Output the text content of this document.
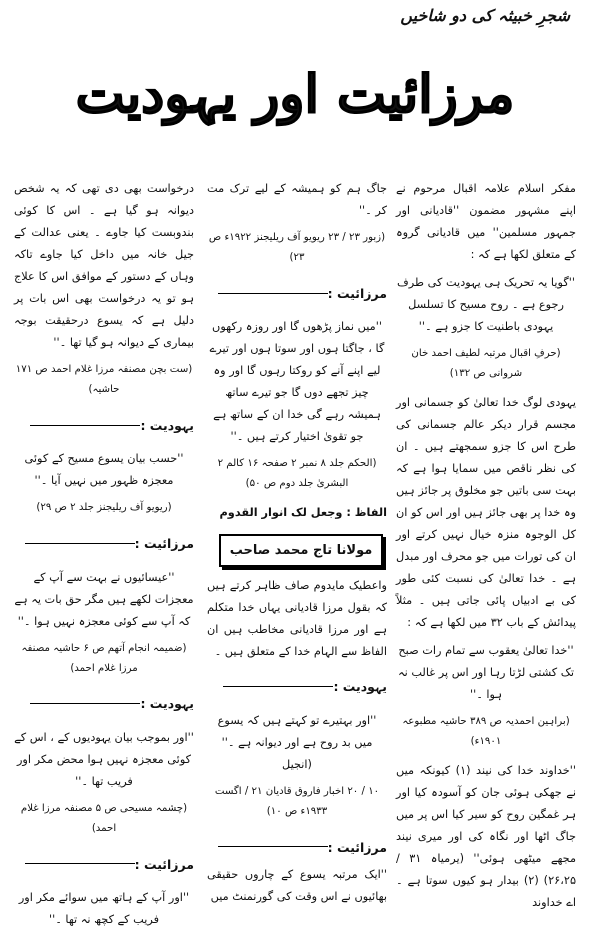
شجرِ خبیثہ کی دو شاخیں
مرزائیت اور یہودیت

مفکر اسلام علامہ اقبال مرحوم نے اپنے مشہور مضمون ''قادیانی اور جمہور مسلمین'' میں قادیانی گروہ کے متعلق لکھا ہے کہ :

''گویا یہ تحریک ہی یہودیت کی طرف رجوع ہے ۔ روح مسیح کا تسلسل یہودی باطنیت کا جزو ہے ۔''
(حرفِ اقبال مرتبہ لطیف احمد خان شروانی ص ۱۳۲)

یہودی لوگ خدا تعالیٰ کو جسمانی اور مجسم قرار دیکر عالم جسمانی کی طرح اس کا جزو سمجھتے ہیں ۔ ان کی نظر ناقص میں سمایا ہوا ہے کہ بہت سی باتیں جو مخلوق پر جائز ہیں وہ خدا پر بھی جائز ہیں اور اس کو ان کل الوجوہ منزہ خیال نہیں کرتے اور ان کی تورات میں جو محرف اور مبدل ہے ۔ خدا تعالیٰ کی نسبت کئی طور کی بے ادبیاں پائی جاتی ہیں ۔ مثلاً پیدائش کے باب ۳۲ میں لکھا ہے کہ :

''خدا تعالیٰ یعقوب سے تمام رات صبح تک کشتی لڑتا رہا اور اس پر غالب نہ ہوا ۔''
(براہین احمدیہ ص ۳۸۹ حاشیہ مطبوعہ ۱۹۰۱ء)

''خداوند خدا کی نیند (۱) کیونکہ میں نے جھکی ہوئی جان کو آسودہ کیا اور ہر غمگین روح کو سیر کیا اس پر میں جاگ اٹھا اور نگاہ کی اور میری نیند مجھے میٹھی ہوئی'' (یرمیاہ ۳۱ / ۲۶،۲۵) (۲) بیدار ہو کیوں سوتا ہے ۔ اے خداوند

جاگ ہم کو ہمیشہ کے لیے ترک مت کر ۔''

(زبور ۲۳ / ۲۳ ریویو آف ریلیجنز ۱۹۲۲ء ص ۲۳)
مرزائیت :
''میں نماز پڑھوں گا اور روزہ رکھوں گا ، جاگتا ہوں اور سوتا ہوں اور تیرے لیے اپنے آنے کو روکتا رہوں گا اور وہ چیز تجھے دوں گا جو تیرے ساتھ ہمیشہ رہے گی خدا ان کے ساتھ ہے جو تقویٰ اختیار کرتے ہیں ۔''
(الحکم جلد ۸ نمبر ۲ صفحہ ۱۶ کالم ۲ البشریٰ جلد دوم ص ۵۰)

الفاظ : وجعل لک انوار القدوم

مولانا تاج محمد صاحب

واعطیک مایدوم صاف ظاہر کرتے ہیں کہ بقول مرزا قادیانی یہاں خدا متکلم ہے اور مرزا قادیانی مخاطب ہیں ان الفاظ سے الہام خدا کے متعلق ہیں ۔

یہودیت :
''اور بہتیرے تو کہتے ہیں کہ یسوع میں بد روح ہے اور دیوانہ ہے ۔'' (انجیل
۱۰ / ۲۰ اخبار فاروق قادیان ۲۱ / اگست ۱۹۳۳ء ص ۱۰)
مرزائیت :

''ایک مرتبہ یسوع کے چاروں حقیقی بھائیوں نے اس وقت کی گورنمنٹ میں

درخواست بھی دی تھی کہ یہ شخص دیوانہ ہو گیا ہے ۔ اس کا کوئی بندوبست کیا جاوے ۔ یعنی عدالت کے جیل خانہ میں داخل کیا جاوے تاکہ وہاں کے دستور کے موافق اس کا علاج ہو تو یہ درخواست بھی اس بات پر دلیل ہے کہ یسوع درحقیقت بوجہ بیماری کے دیوانہ ہو گیا تھا ۔''

(ست بچن مصنفہ مرزا غلام احمد ص ۱۷۱ حاشیہ)
یہودیت :
''حسب بیان یسوع مسیح کے کوئی معجزہ ظہور میں نہیں آیا ۔''
(ریویو آف ریلیجنز جلد ۲ ص ۲۹)
مرزائیت :
''عیسائیوں نے بہت سے آپ کے معجزات لکھے ہیں مگر حق بات یہ ہے کہ آپ سے کوئی معجزہ نہیں ہوا ۔''
(ضمیمہ انجام آتھم ص ۶ حاشیہ مصنفہ مرزا غلام احمد)
یہودیت :
''اور بموجب بیان یہودیوں کے ، اس کے کوئی معجزہ نہیں ہوا محض مکر اور فریب تھا ۔''
(چشمہ مسیحی ص ۵ مصنفہ مرزا غلام احمد)
مرزائیت :
''اور آپ کے ہاتھ میں سوائے مکر اور فریب کے کچھ نہ تھا ۔''
